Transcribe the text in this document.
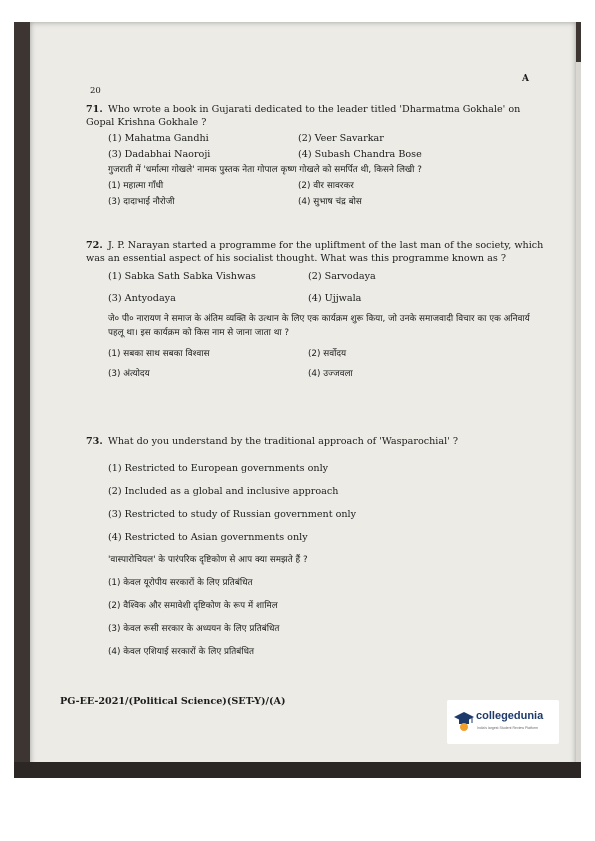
20
A
71. Who wrote a book in Gujarati dedicated to the leader titled 'Dharmatma Gokhale' on Gopal Krishna Gokhale ?
(1) Mahatma Gandhi	(2) Veer Savarkar
(3) Dadabhai Naoroji	(4) Subash Chandra Bose
गुजराती में 'धर्मात्मा गोखले' नामक पुस्तक नेता गोपाल कृष्ण गोखले को समर्पित थी, किसने लिखी ?
(1) महात्मा गाँधी	(2) वीर सावरकर
(3) दादाभाई नौरोजी	(4) सुभाष चंद्र बोस
72. J. P. Narayan started a programme for the upliftment of the last man of the society, which was an essential aspect of his socialist thought. What was this programme known as ?
(1) Sabka Sath Sabka Vishwas	(2) Sarvodaya
(3) Antyodaya	(4) Ujjwala
जे० पी० नारायण ने समाज के अंतिम व्यक्ति के उत्थान के लिए एक कार्यक्रम शुरू किया, जो उनके समाजवादी विचार का एक अनिवार्य पहलू था। इस कार्यक्रम को किस नाम से जाना जाता था ?
(1) सबका साथ सबका विश्वास	(2) सर्वोदय
(3) अंत्योदय	(4) उज्जवला
73. What do you understand by the traditional approach of 'Wasparochial' ?
(1) Restricted to European governments only
(2) Included as a global and inclusive approach
(3) Restricted to study of Russian government only
(4) Restricted to Asian governments only
'वास्पारोचियल' के पारंपरिक दृष्टिकोण से आप क्या समझते हैं ?
(1) केवल यूरोपीय सरकारों के लिए प्रतिबंधित
(2) वैश्विक और समावेशी दृष्टिकोण के रूप में शामिल
(3) केवल रूसी सरकार के अध्ययन के लिए प्रतिबंधित
(4) केवल एशियाई सरकारों के लिए प्रतिबंधित
PG-EE-2021/(Political Science)(SET-Y)/(A)
collegedunia
India's largest Student Review Platform
